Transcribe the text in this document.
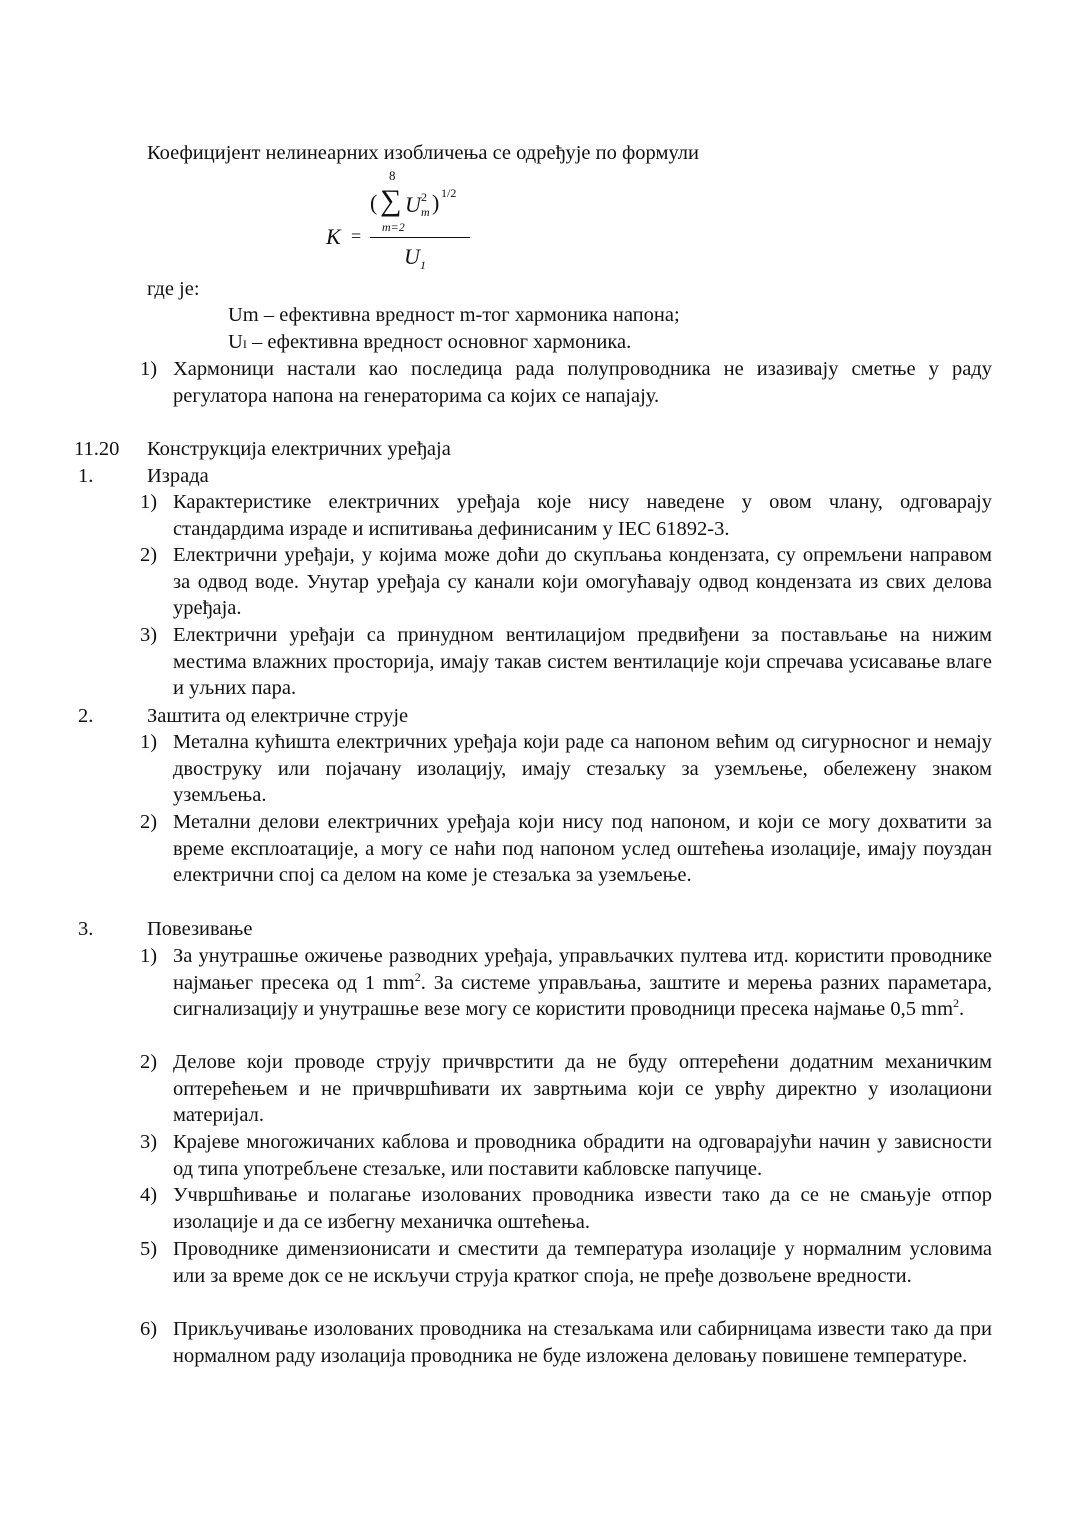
Коефицијент нелинеарних изобличења се одређује по формули
K =
8
( ∑
m=2
U 2
m ) 1/2
U 1
где је:
Um – ефективна вредност m-тог хармоника напона;
UI – ефективна вредност основног хармоника.
1) Хармоници настали као последица рада полупроводника не изазивају сметње у раду регулатора напона на генераторима са којих се напајају.
11.20 Конструкција електричних уређаја
1.	Израда
1) Карактеристике електричних уређаја које нису наведене у овом члану, одговарају стандардима израде и испитивања дефинисаним у IEC 61892-3.
2) Електрични уређаји, у којима може доћи до скупљања кондензата, су опремљени направом за одвод воде. Унутар уређаја су канали који омогућавају одвод кондензата из свих делова уређаја.
3) Електрични уређаји са принудном вентилацијом предвиђени за постављање на нижим местима влажних просторија, имају такав систем вентилације који спречава усисавање влаге и уљних пара.
2.	Заштита од електричне струје
1) Метална кућишта електричних уређаја који раде са напоном већим од сигурносног и немају двоструку или појачану изолацију, имају стезаљку за уземљење, обележену знаком уземљења.
2) Метални делови електричних уређаја који нису под напоном, и који се могу дохватити за време експлоатације, а могу се наћи под напоном услед оштећења изолације, имају поуздан електрични спој са делом на коме је стезаљка за уземљење.
3.	Повезивање
1) За унутрашње ожичење разводних уређаја, управљачких пултева итд. користити проводнике најмањег пресека од 1 $mm^2$. За системе управљања, заштите и мерења разних параметара, сигнализацију и унутрашње везе могу се користити проводници пресека најмање 0,5 $mm^2$.
2) Делове који проводе струју причврстити да не буду оптерећени додатним механичким оптерећењем и не причвршћивати их завртњима који се уврћу директно у изолациони материјал.
3) Крајеве многожичаних каблова и проводника обрадити на одговарајући начин у зависности од типа употребљене стезаљке, или поставити кабловске папучице.
4) Учвршћивање и полагање изолованих проводника извести тако да се не смањује отпор изолације и да се избегну механичка оштећења.
5) Проводнике димензионисати и сместити да температура изолације у нормалним условима или за време док се не искључи струја кратког споја, не пређе дозвољене вредности.
6) Прикључивање изолованих проводника на стезаљкама или сабирницама извести тако да при нормалном раду изолација проводника не буде изложена деловању повишене температуре.
